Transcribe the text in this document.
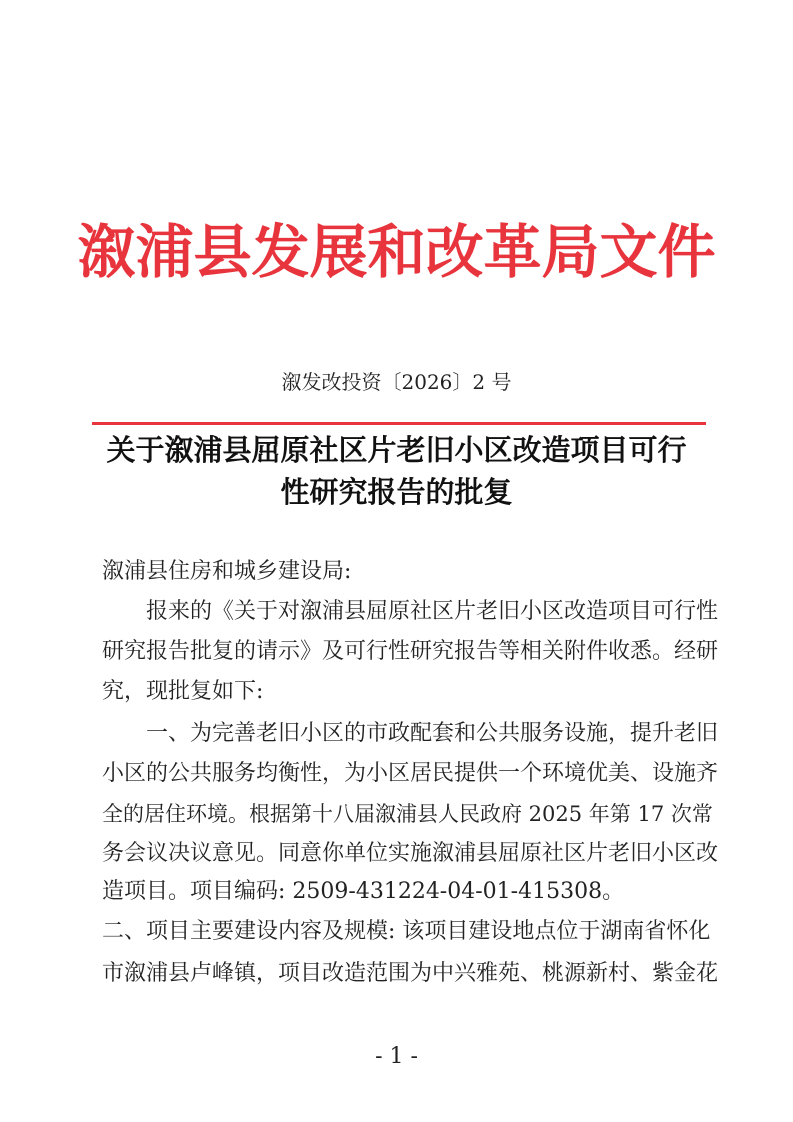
溆浦县发展和改革局文件
溆发改投资〔2026〕2 号
关于溆浦县屈原社区片老旧小区改造项目可行
性研究报告的批复

溆浦县住房和城乡建设局:

报来的《关于对溆浦县屈原社区片老旧小区改造项目可行性

研究报告批复的请示》及可行性研究报告等相关附件收悉。经研

究，现批复如下:

一、为完善老旧小区的市政配套和公共服务设施，提升老旧

小区的公共服务均衡性，为小区居民提供一个环境优美、设施齐

全的居住环境。根据第十八届溆浦县人民政府 2025 年第 17 次常

务会议决议意见。同意你单位实施溆浦县屈原社区片老旧小区改

造项目。项目编码: 2509-431224-04-01-415308。

二、项目主要建设内容及规模: 该项目建设地点位于湖南省怀化

市溆浦县卢峰镇，项目改造范围为中兴雅苑、桃源新村、紫金花

- 1 -
